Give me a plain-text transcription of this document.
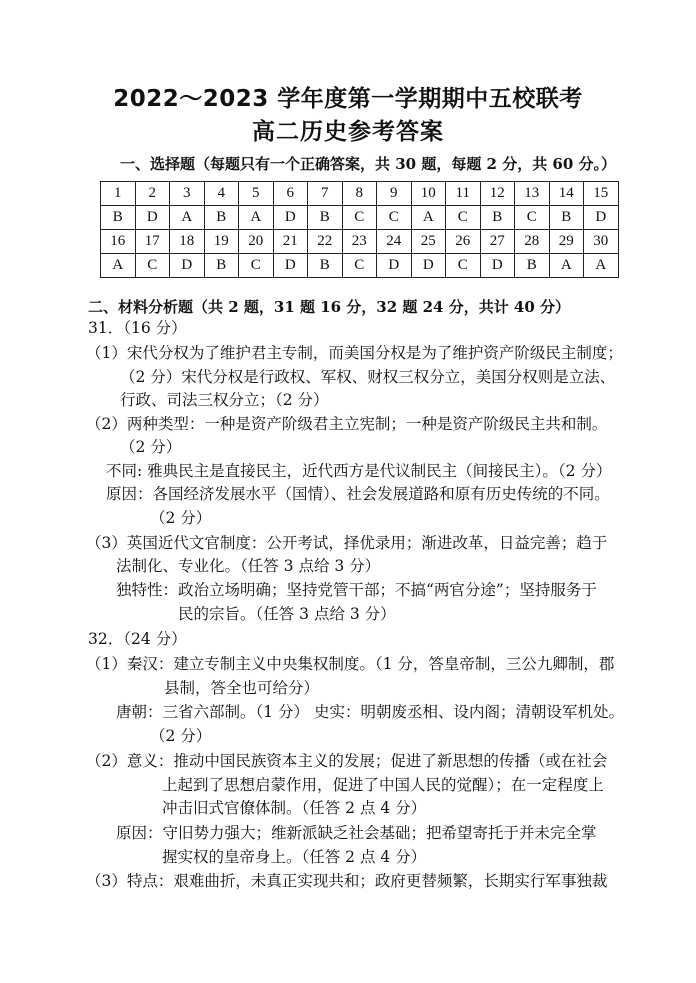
2022～2023 学年度第一学期期中五校联考
高二历史参考答案
一、选择题（每题只有一个正确答案，共 30 题，每题 2 分，共 60 分。）
1	2	3	4	5	6	7	8	9	10	11	12	13	14	15
B	D	A	B	A	D	B	C	C	A	C	B	C	B	D
16	17	18	19	20	21	22	23	24	25	26	27	28	29	30
A	C	D	B	C	D	B	C	D	D	C	D	B	A	A
二、材料分析题（共 2 题，31 题 16 分，32 题 24 分，共计 40 分）
31．（16 分）
（1）宋代分权为了维护君主专制，而美国分权是为了维护资产阶级民主制度；
（2 分）宋代分权是行政权、军权、财权三权分立，美国分权则是立法、
行政、司法三权分立；（2 分）
（2）两种类型：一种是资产阶级君主立宪制；一种是资产阶级民主共和制。
（2 分）
不同: 雅典民主是直接民主，近代西方是代议制民主（间接民主）。（2 分）
原因：各国经济发展水平（国情）、社会发展道路和原有历史传统的不同。
（2 分）
（3）英国近代文官制度：公开考试，择优录用；渐进改革，日益完善；趋于
法制化、专业化。（任答 3 点给 3 分）
独特性：政治立场明确；坚持党管干部；不搞“两官分途”；坚持服务于
民的宗旨。（任答 3 点给 3 分）
32．（24 分）
（1）秦汉：建立专制主义中央集权制度。（1 分，答皇帝制，三公九卿制，郡
县制，答全也可给分）
唐朝：三省六部制。（1 分） 史实：明朝废丞相、设内阁；清朝设军机处。
（2 分）
（2）意义：推动中国民族资本主义的发展；促进了新思想的传播（或在社会
上起到了思想启蒙作用，促进了中国人民的觉醒）；在一定程度上
冲击旧式官僚体制。（任答 2 点 4 分）
原因：守旧势力强大；维新派缺乏社会基础；把希望寄托于并未完全掌
握实权的皇帝身上。（任答 2 点 4 分）
（3）特点：艰难曲折，未真正实现共和；政府更替频繁，长期实行军事独裁
